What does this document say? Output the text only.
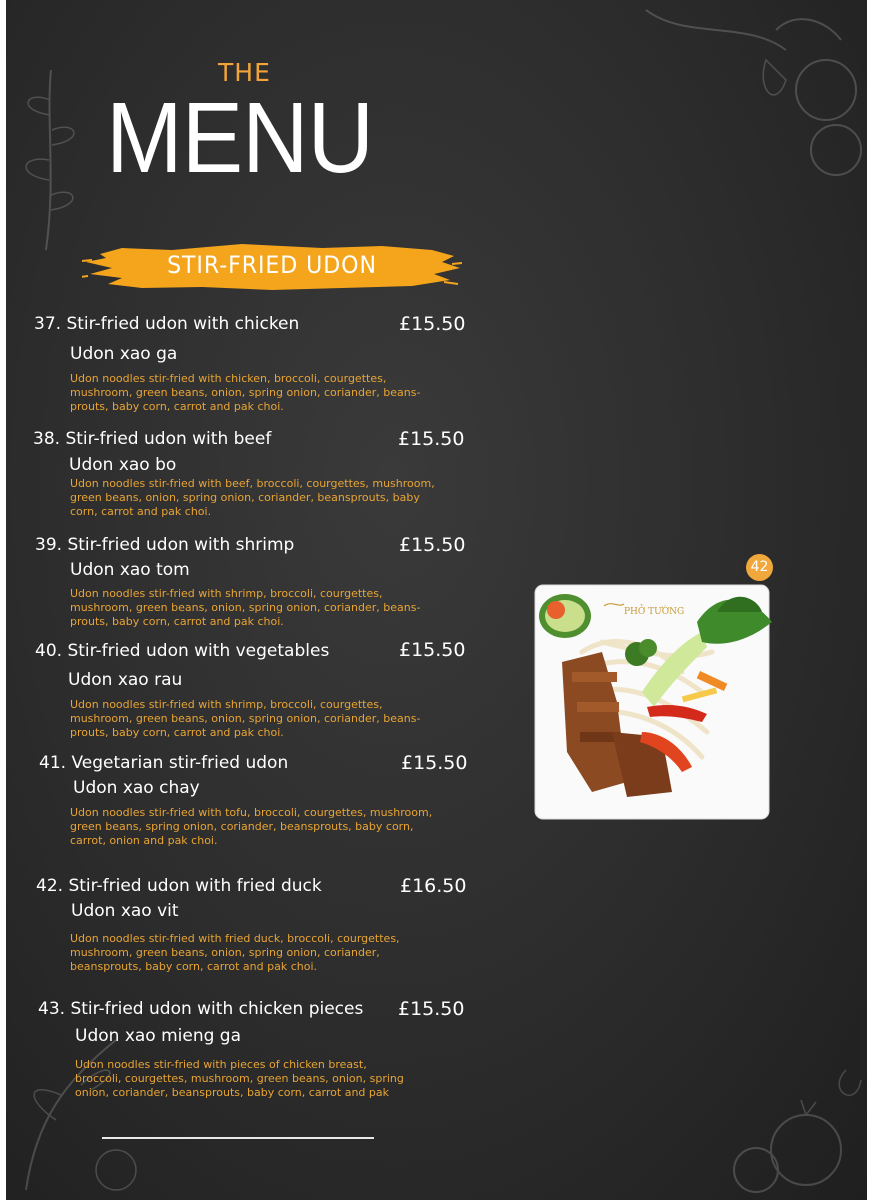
THE
MENU
STIR-FRIED UDON
37. Stir-fried udon with chicken	£15.50
Udon xao ga
Udon noodles stir-fried with chicken, broccoli, courgettes,
mushroom, green beans, onion, spring onion, coriander, beans-
prouts, baby corn, carrot and pak choi.
38. Stir-fried udon with beef	£15.50
Udon xao bo
Udon noodles stir-fried with beef, broccoli, courgettes, mushroom,
green beans, onion, spring onion, coriander, beansprouts, baby
corn, carrot and pak choi.
39. Stir-fried udon with shrimp	£15.50
Udon xao tom
Udon noodles stir-fried with shrimp, broccoli, courgettes,
mushroom, green beans, onion, spring onion, coriander, beans-
prouts, baby corn, carrot and pak choi.
40. Stir-fried udon with vegetables	£15.50
Udon xao rau
Udon noodles stir-fried with shrimp, broccoli, courgettes,
mushroom, green beans, onion, spring onion, coriander, beans-
prouts, baby corn, carrot and pak choi.
41. Vegetarian stir-fried udon	£15.50
Udon xao chay
Udon noodles stir-fried with tofu, broccoli, courgettes, mushroom,
green beans, spring onion, coriander, beansprouts, baby corn,
carrot, onion and pak choi.
42. Stir-fried udon with fried duck	£16.50
Udon xao vit
Udon noodles stir-fried with fried duck, broccoli, courgettes,
mushroom, green beans, onion, spring onion, coriander,
beansprouts, baby corn, carrot and pak choi.
43. Stir-fried udon with chicken pieces £15.50
Udon xao mieng ga
Udon noodles stir-fried with pieces of chicken breast,
broccoli, courgettes, mushroom, green beans, onion, spring
onion, coriander, beansprouts, baby corn, carrot and pak
42
PHỞ TƯỜNG
